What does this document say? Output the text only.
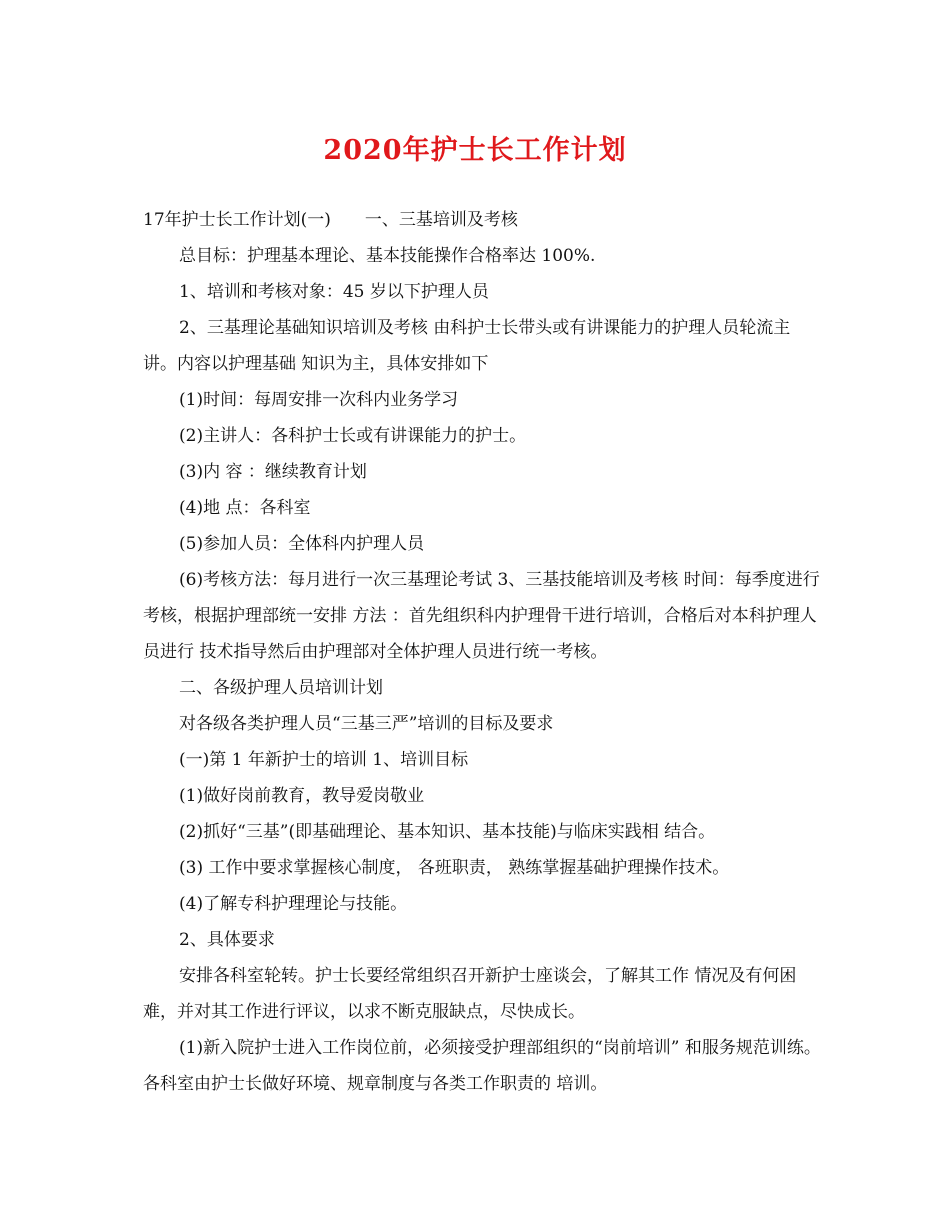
2020年护士长工作计划

17年护士长工作计划(一)　　一、三基培训及考核

总目标：护理基本理论、基本技能操作合格率达 100%.

1、培训和考核对象：45 岁以下护理人员

2、三基理论基础知识培训及考核 由科护士长带头或有讲课能力的护理人员轮流主讲。内容以护理基础 知识为主，具体安排如下

(1)时间：每周安排一次科内业务学习

(2)主讲人：各科护士长或有讲课能力的护士。

(3)内 容 ：继续教育计划

(4)地 点：各科室

(5)参加人员：全体科内护理人员

(6)考核方法：每月进行一次三基理论考试 3、三基技能培训及考核 时间：每季度进行考核，根据护理部统一安排 方法 ：首先组织科内护理骨干进行培训，合格后对本科护理人员进行 技术指导然后由护理部对全体护理人员进行统一考核。

二、各级护理人员培训计划

对各级各类护理人员“三基三严”培训的目标及要求

(一)第 1 年新护士的培训 1、培训目标

(1)做好岗前教育，教导爱岗敬业

(2)抓好“三基”(即基础理论、基本知识、基本技能)与临床实践相 结合。

(3) 工作中要求掌握核心制度， 各班职责， 熟练掌握基础护理操作技术。

(4)了解专科护理理论与技能。

2、具体要求

安排各科室轮转。护士长要经常组织召开新护士座谈会，了解其工作 情况及有何困难，并对其工作进行评议，以求不断克服缺点，尽快成长。

(1)新入院护士进入工作岗位前，必须接受护理部组织的“岗前培训” 和服务规范训练。各科室由护士长做好环境、规章制度与各类工作职责的 培训。
